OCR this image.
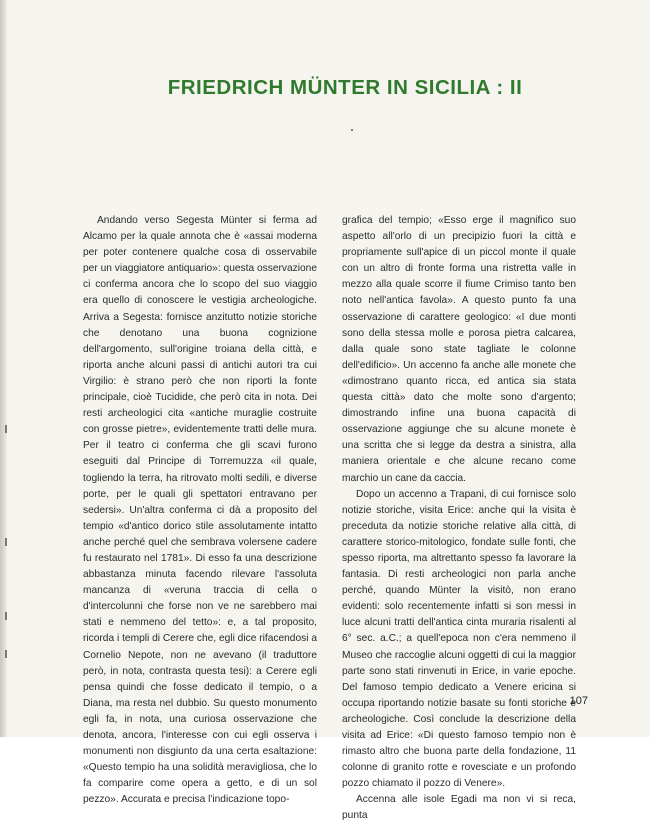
FRIEDRICH MÜNTER IN SICILIA : II

Andando verso Segesta Münter si ferma ad Alcamo per la quale annota che è «assai moderna per poter contenere qualche cosa di osservabile per un viaggiatore antiquario»: questa osservazione ci conferma ancora che lo scopo del suo viaggio era quello di conoscere le vestigia archeologiche. Arriva a Segesta: fornisce anzitutto notizie storiche che denotano una buona cognizione dell'argomento, sull'origine troiana della città, e riporta anche alcuni passi di antichi autori tra cui Virgilio: è strano però che non riporti la fonte principale, cioè Tucidide, che però cita in nota. Dei resti archeologici cita «antiche muraglie costruite con grosse pietre», evidentemente tratti delle mura. Per il teatro ci conferma che gli scavi furono eseguiti dal Principe di Torremuzza «il quale, togliendo la terra, ha ritrovato molti sedili, e diverse porte, per le quali gli spettatori entravano per sedersi». Un'altra conferma ci dà a proposito del tempio «d'antico dorico stile assolutamente intatto anche perché quel che sembrava volersene cadere fu restaurato nel 1781». Di esso fa una descrizione abbastanza minuta facendo rilevare l'assoluta mancanza di «veruna traccia di cella o d'intercolunni che forse non ve ne sarebbero mai stati e nemmeno del tetto»: e, a tal proposito, ricorda i templi di Cerere che, egli dice rifacendosi a Cornelio Nepote, non ne avevano (il traduttore però, in nota, contrasta questa tesi): a Cerere egli pensa quindi che fosse dedicato il tempio, o a Diana, ma resta nel dubbio. Su questo monumento egli fa, in nota, una curiosa osservazione che denota, ancora, l'interesse con cui egli osserva i monumenti non disgiunto da una certa esaltazione: «Questo tempio ha una solidità meravigliosa, che lo fa comparire come opera a getto, e di un sol pezzo». Accurata e precisa l'indicazione topo-

grafica del tempio; «Esso erge il magnifico suo aspetto all'orlo di un precipizio fuori la città e propriamente sull'apice di un piccol monte il quale con un altro di fronte forma una ristretta valle in mezzo alla quale scorre il fiume Crimiso tanto ben noto nell'antica favola». A questo punto fa una osservazione di carattere geologico: «I due monti sono della stessa molle e porosa pietra calcarea, dalla quale sono state tagliate le colonne dell'edificio». Un accenno fa anche alle monete che «dimostrano quanto ricca, ed antica sia stata questa città» dato che molte sono d'argento; dimostrando infine una buona capacità di osservazione aggiunge che su alcune monete è una scritta che si legge da destra a sinistra, alla maniera orientale e che alcune recano come marchio un cane da caccia.

Dopo un accenno a Trapani, di cui fornisce solo notizie storiche, visita Erice: anche qui la visita è preceduta da notizie storiche relative alla città, di carattere storico-mitologico, fondate sulle fonti, che spesso riporta, ma altrettanto spesso fa lavorare la fantasia. Di resti archeologici non parla anche perché, quando Münter la visitò, non erano evidenti: solo recentemente infatti si son messi in luce alcuni tratti dell'antica cinta muraria risalenti al 6° sec. a.C.; a quell'epoca non c'era nemmeno il Museo che raccoglie alcuni oggetti di cui la maggior parte sono stati rinvenuti in Erice, in varie epoche. Del famoso tempio dedicato a Venere ericina si occupa riportando notizie basate su fonti storiche e archeologiche. Così conclude la descrizione della visita ad Erice: «Di questo famoso tempio non è rimasto altro che buona parte della fondazione, 11 colonne di granito rotte e rovesciate e un profondo pozzo chiamato il pozzo di Venere».

Accenna alle isole Egadi ma non vi si reca, punta

107
